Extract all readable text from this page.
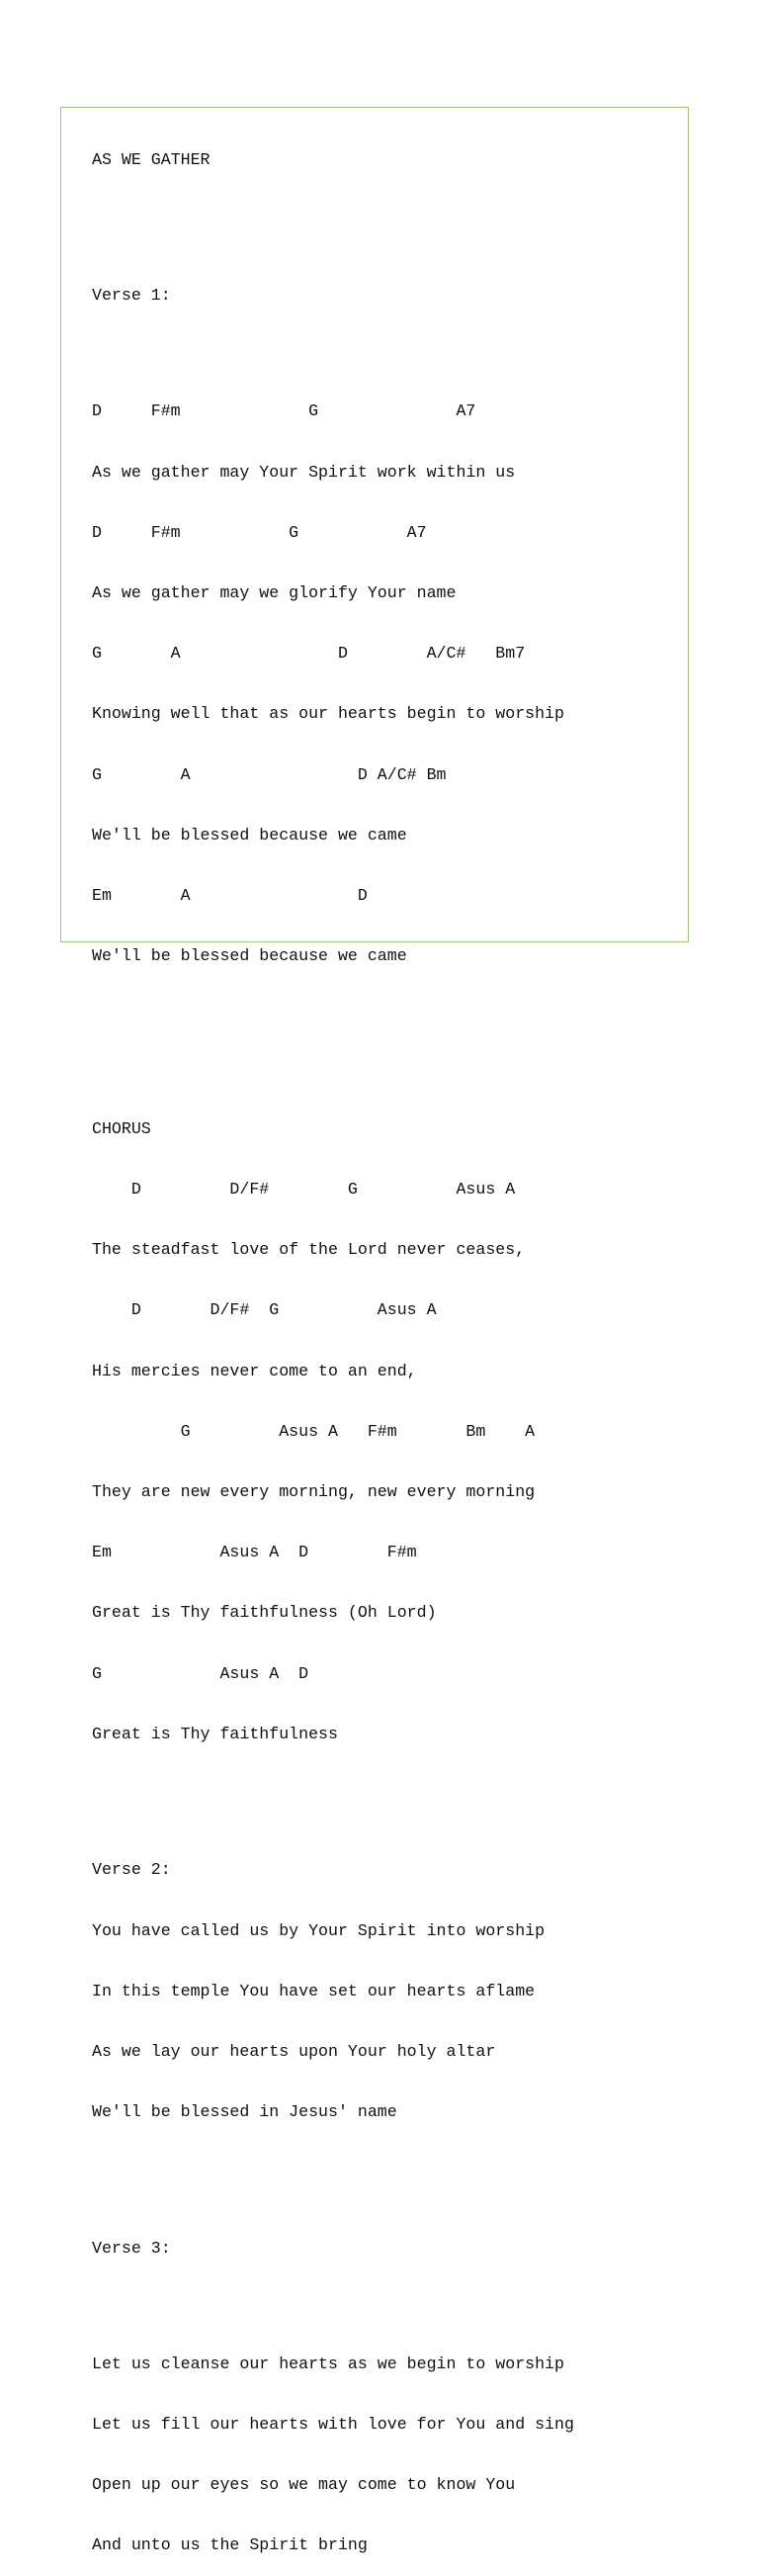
AS WE GATHER

Verse 1:

D     F#m             G              A7

As we gather may Your Spirit work within us

D     F#m           G           A7

As we gather may we glorify Your name

G       A                D        A/C#   Bm7

Knowing well that as our hearts begin to worship

G        A                 D A/C# Bm

We'll be blessed because we came

Em       A                 D

We'll be blessed because we came

CHORUS

D         D/F#        G          Asus A

The steadfast love of the Lord never ceases,

D       D/F#  G          Asus A

His mercies never come to an end,

G         Asus A   F#m       Bm    A

They are new every morning, new every morning

Em           Asus A  D        F#m

Great is Thy faithfulness (Oh Lord)

G            Asus A  D

Great is Thy faithfulness

Verse 2:

You have called us by Your Spirit into worship

In this temple You have set our hearts aflame

As we lay our hearts upon Your holy altar

We'll be blessed in Jesus' name

Verse 3:

Let us cleanse our hearts as we begin to worship

Let us fill our hearts with love for You and sing

Open up our eyes so we may come to know You

And unto us the Spirit bring
